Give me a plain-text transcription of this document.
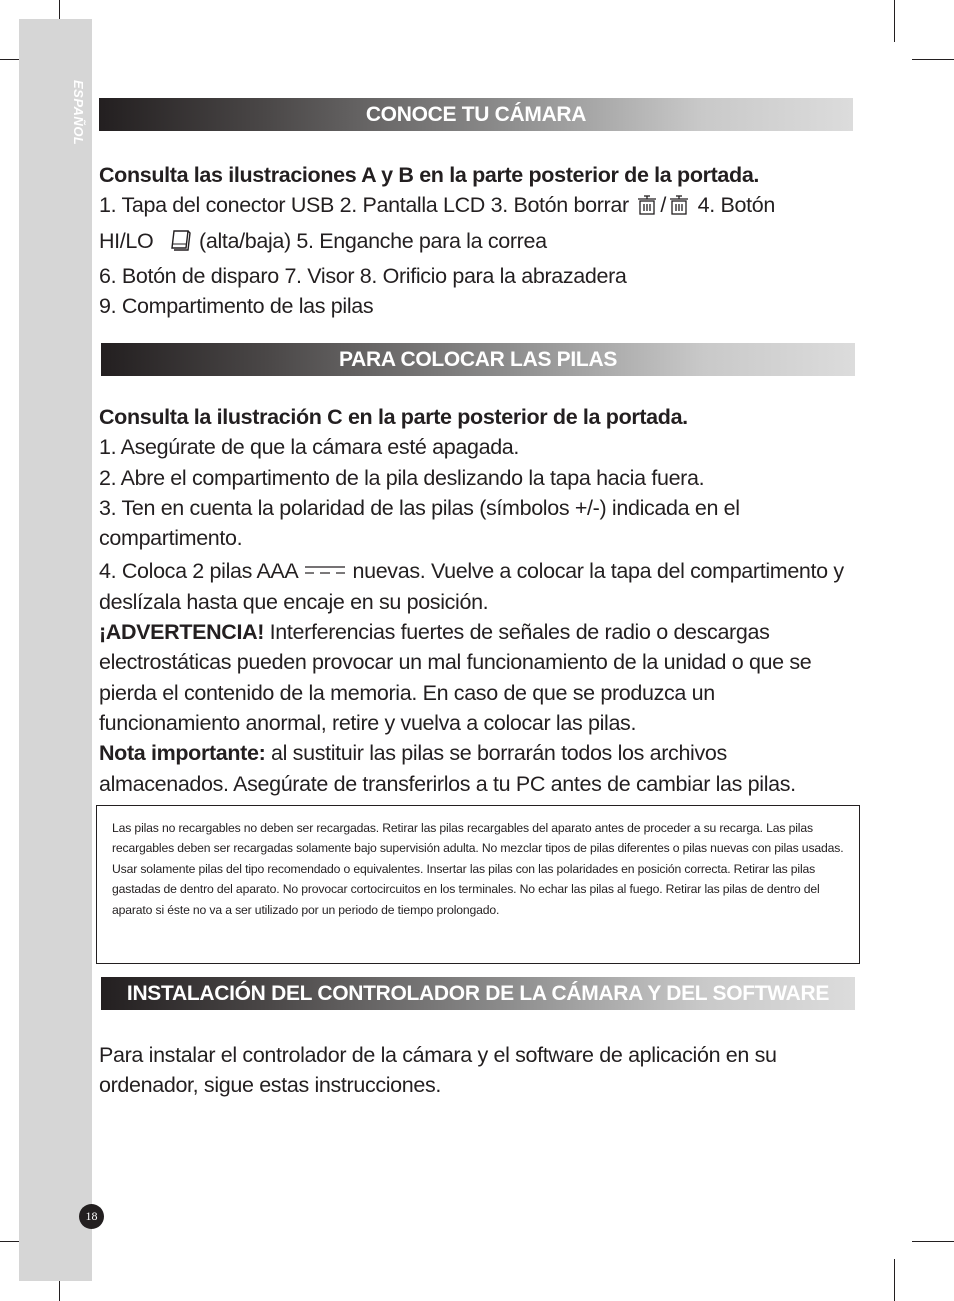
ESPAÑOL	CONOCE TU CÁMARA

Consulta las ilustraciones A y B en la parte posterior de la portada.

1. Tapa del conector USB 2. Pantalla LCD 3. Botón borrar / 4. Botón

HI/LO (alta/baja) 5. Enganche para la correa

6. Botón de disparo 7. Visor 8. Orificio para la abrazadera

9. Compartimento de las pilas

PARA COLOCAR LAS PILAS

Consulta la ilustración C en la parte posterior de la portada.

1. Asegúrate de que la cámara esté apagada.

2. Abre el compartimento de la pila deslizando la tapa hacia fuera.

3. Ten en cuenta la polaridad de las pilas (símbolos +/-) indicada en el compartimento.

4. Coloca 2 pilas AAA	nuevas. Vuelve a colocar la tapa del compartimento y deslízala hasta que encaje en su posición.

¡ADVERTENCIA! Interferencias fuertes de señales de radio o descargas electrostáticas pueden provocar un mal funcionamiento de la unidad o que se pierda el contenido de la memoria. En caso de que se produzca un funcionamiento anormal, retire y vuelva a colocar las pilas.

Nota importante: al sustituir las pilas se borrarán todos los archivos almacenados. Asegúrate de transferirlos a tu PC antes de cambiar las pilas.

Las pilas no recargables no deben ser recargadas. Retirar las pilas recargables del aparato antes de proceder a su recarga. Las pilas recargables deben ser recargadas solamente bajo supervisión adulta. No mezclar tipos de pilas diferentes o pilas nuevas con pilas usadas. Usar solamente pilas del tipo recomendado o equivalentes. Insertar las pilas con las polaridades en posición correcta. Retirar las pilas gastadas de dentro del aparato. No provocar cortocircuitos en los terminales. No echar las pilas al fuego. Retirar las pilas de dentro del aparato si éste no va a ser utilizado por un periodo de tiempo prolongado.
INSTALACIÓN DEL CONTROLADOR DE LA CÁMARA Y DEL SOFTWARE

Para instalar el controlador de la cámara y el software de aplicación en su ordenador, sigue estas instrucciones.

18
